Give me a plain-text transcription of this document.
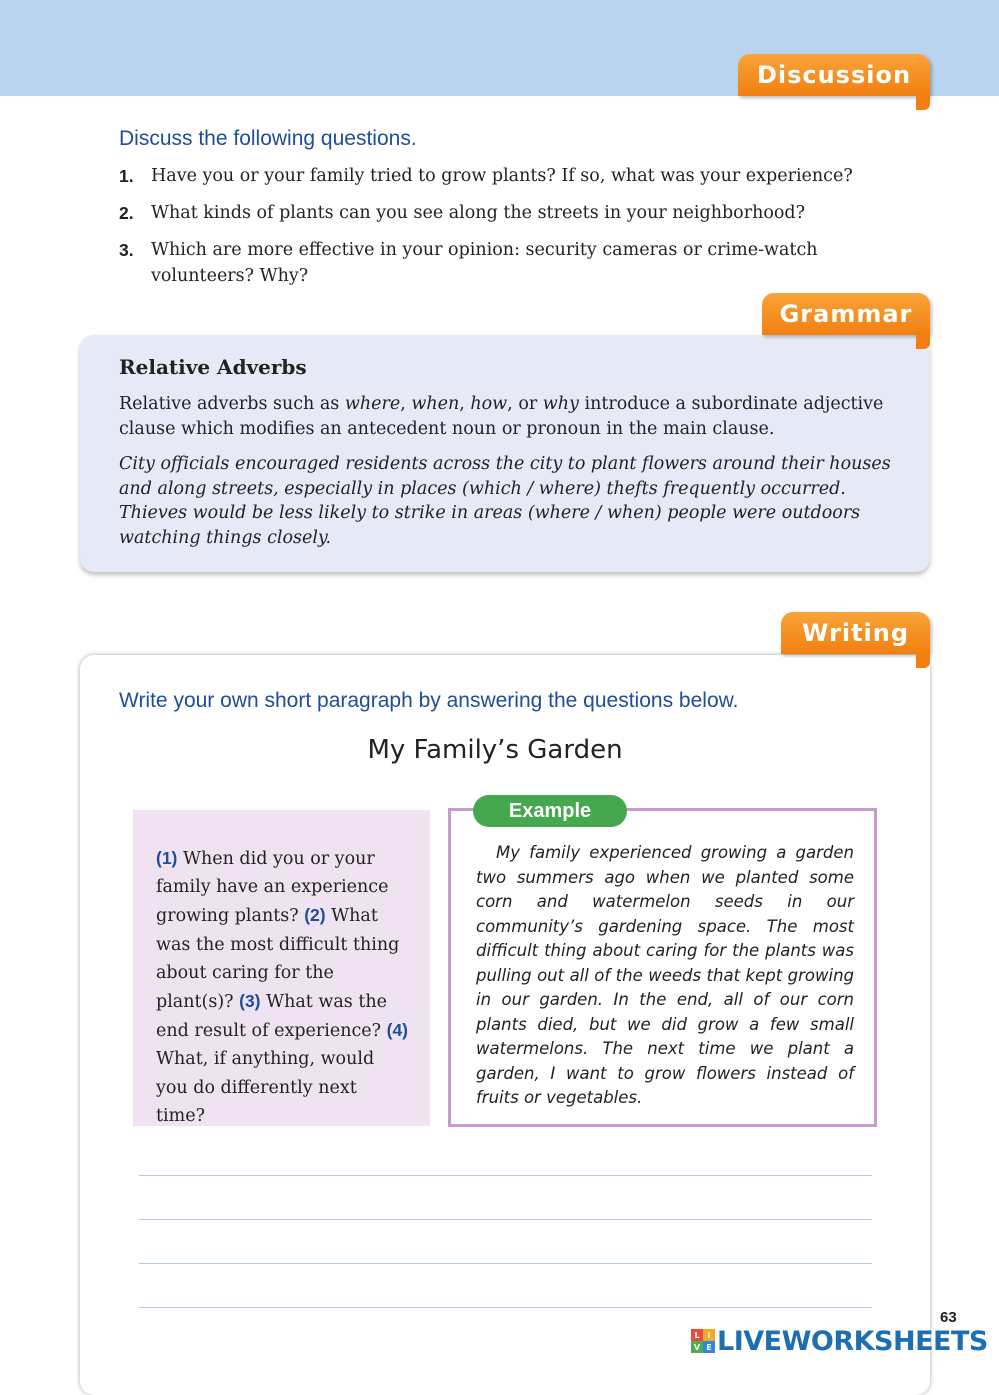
Discussion
Discuss the following questions.
1. Have you or your family tried to grow plants? If so, what was your experience?
2. What kinds of plants can you see along the streets in your neighborhood?
3. Which are more effective in your opinion: security cameras or crime-watch volunteers? Why?
Relative Adverbs
Relative adverbs such as where, when, how, or why introduce a subordinate adjective clause which modifies an antecedent noun or pronoun in the main clause.

City officials encouraged residents across the city to plant flowers around their houses and along streets, especially in places (which / where) thefts frequently occurred.

Thieves would be less likely to strike in areas (where / when) people were outdoors watching things closely.

Grammar
Writing
Write your own short paragraph by answering the questions below.
My Family’s Garden
(1) When did you or your family have an experience growing plants? (2) What was the most difficult thing about caring for the plant(s)? (3) What was the end result of experience? (4) What, if anything, would you do differently next time?
My family experienced growing a garden two summers ago when we planted some corn and watermelon seeds in our community’s gardening space. The most difficult thing about caring for the plants was pulling out all of the weeds that kept growing in our garden. In the end, all of our corn plants died, but we did grow a few small watermelons. The next time we plant a garden, I want to grow flowers instead of fruits or vegetables.
Example
63
L I
V E LIVEWORKSHEETS
